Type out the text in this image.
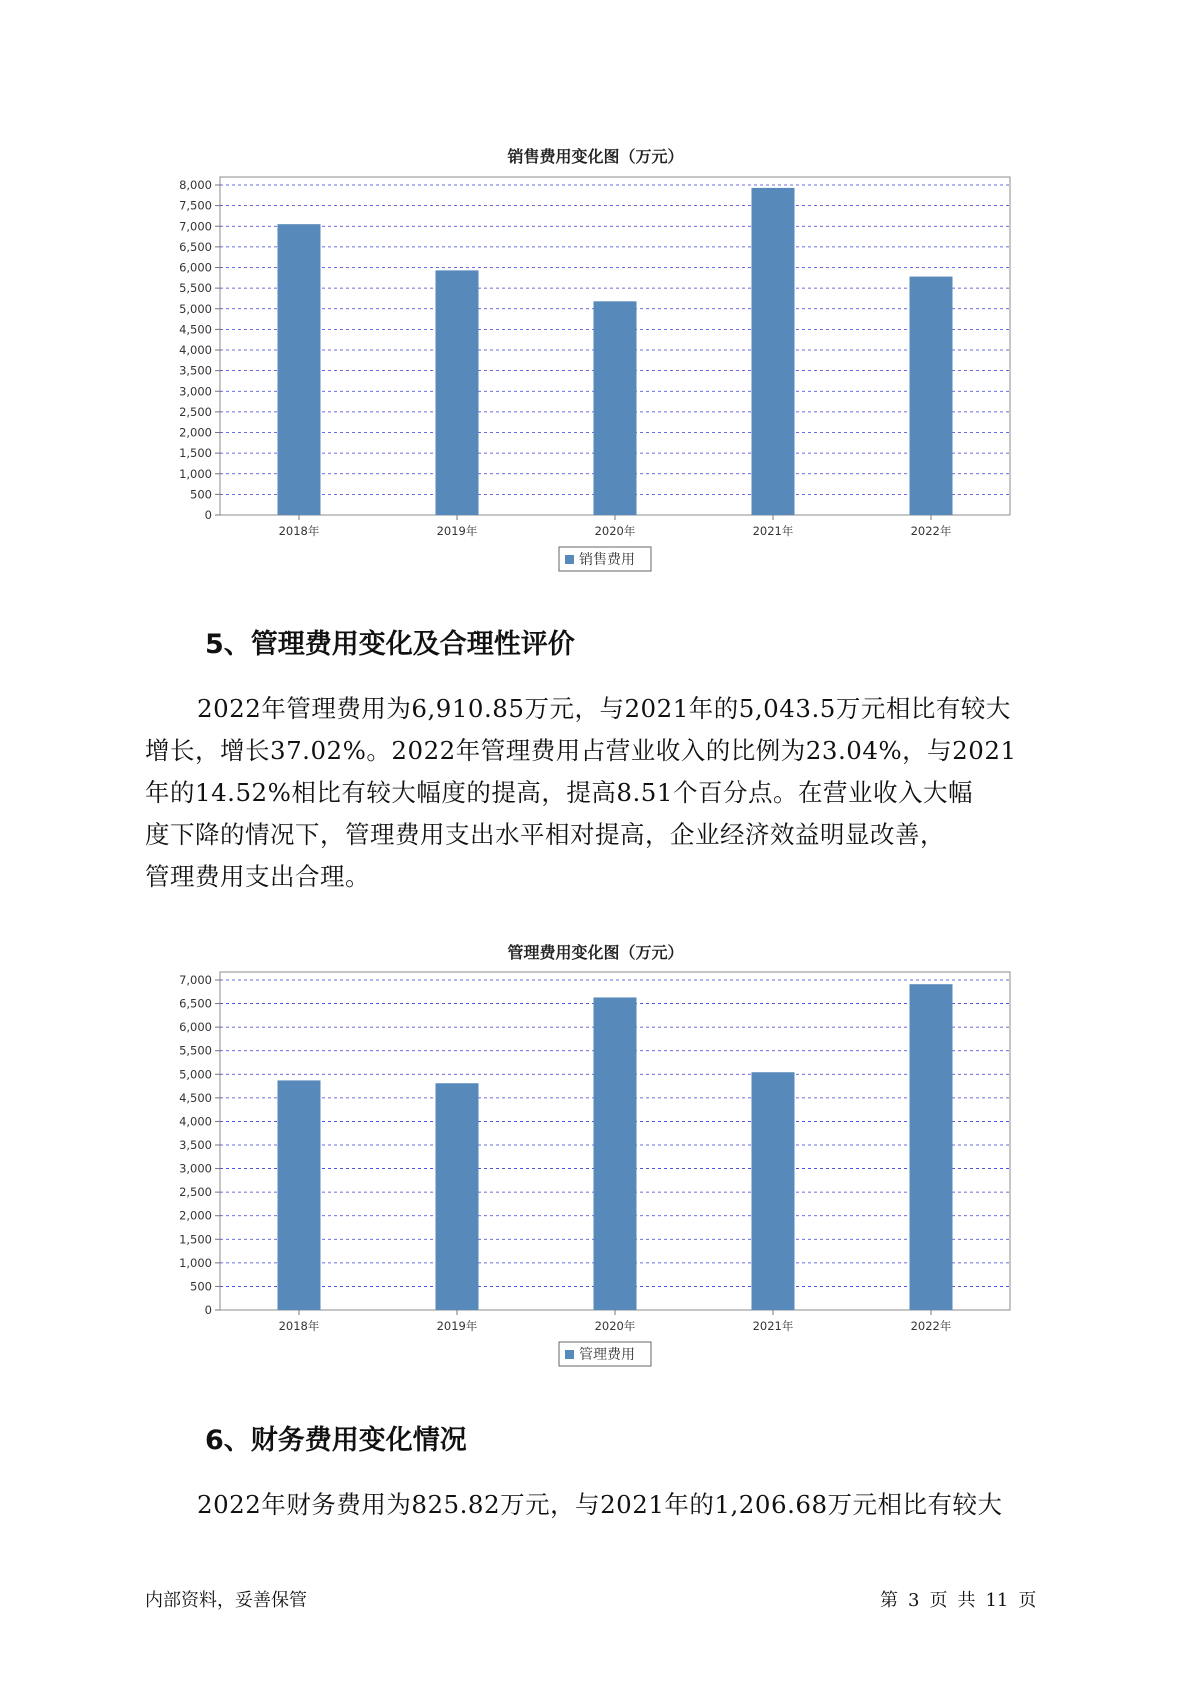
销售费用变化图（万元）
0
500
1,000
1,500
2,000
2,500
3,000
3,500
4,000
4,500
5,000
5,500
6,000
6,500
7,000
7,500
8,000
2018年	2019年	2020年	2021年	2022年
销售费用
5、管理费用变化及合理性评价
2022年管理费用为6,910.85万元，与2021年的5,043.5万元相比有较大
增长，增长37.02%。2022年管理费用占营业收入的比例为23.04%，与2021
年的14.52%相比有较大幅度的提高，提高8.51个百分点。在营业收入大幅
度下降的情况下，管理费用支出水平相对提高，企业经济效益明显改善，
管理费用支出合理。
管理费用变化图（万元）
0
500
1,000
1,500
2,000
2,500
3,000
3,500
4,000
4,500
5,000
5,500
6,000
6,500
7,000
2018年	2019年	2020年	2021年	2022年
管理费用
6、财务费用变化情况
2022年财务费用为825.82万元，与2021年的1,206.68万元相比有较大
内部资料，妥善保管	第 3 页 共 11 页
